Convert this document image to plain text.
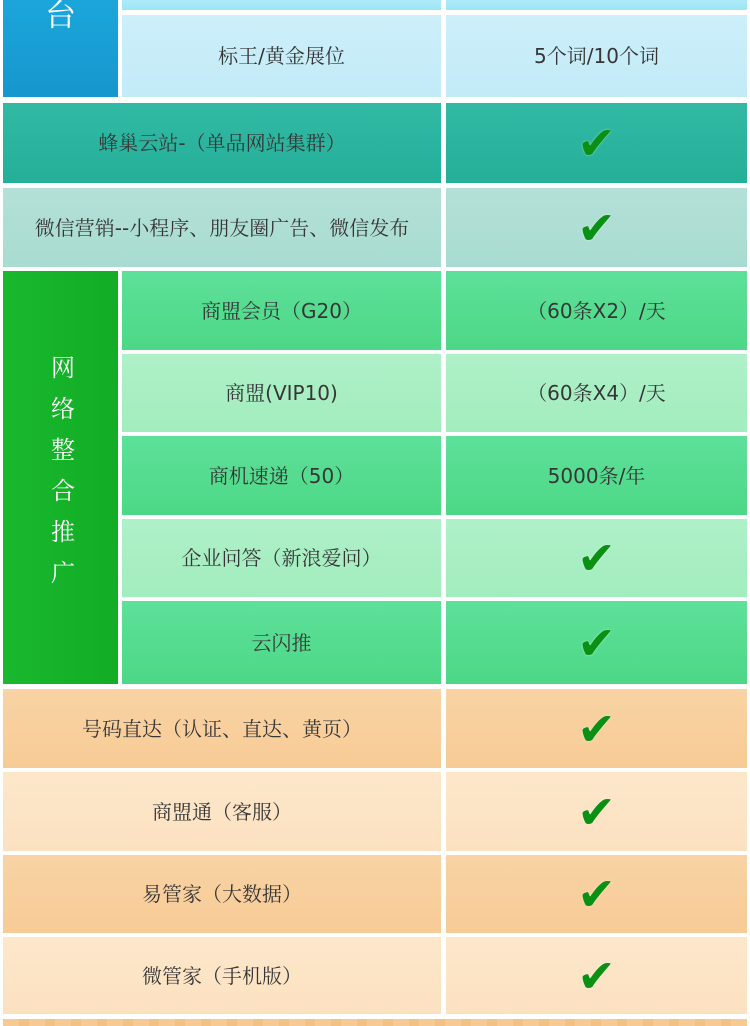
台
标王/黄金展位	5个词/10个词
蜂巢云站-（单品网站集群）	✔
微信营销--小程序、朋友圈广告、微信发布	✔
网络整合推广
商盟会员（G20）	（60条X2）/天
商盟(VIP10)	（60条X4）/天
商机速递（50）	5000条/年
企业问答（新浪爱问）	✔
云闪推	✔
号码直达（认证、直达、黄页）	✔
商盟通（客服）	✔
易管家（大数据）	✔
微管家（手机版）	✔
